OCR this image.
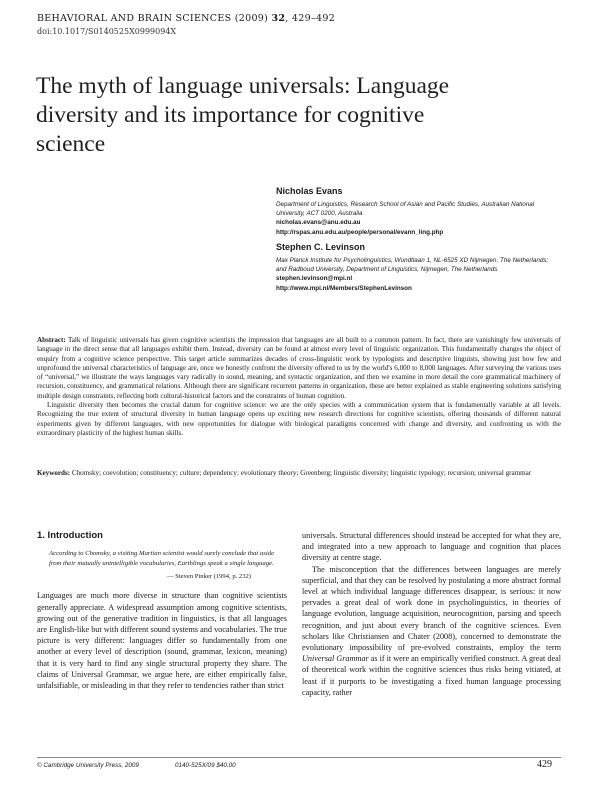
BEHAVIORAL AND BRAIN SCIENCES (2009) 32, 429–492
doi:10.1017/S0140525X0999094X
The myth of language universals: Language diversity and its importance for cognitive science
Nicholas Evans
Department of Linguistics, Research School of Asian and Pacific Studies, Australian National University, ACT 0200, Australia
nicholas.evans@anu.edu.au
http://rspas.anu.edu.au/people/personal/evann_ling.php
Stephen C. Levinson
Max Planck Institute for Psycholinguistics, Wundtlaan 1, NL-6525 XD Nijmegen, The Netherlands; and Radboud University, Department of Linguistics, Nijmegen, The Netherlands
stephen.levinson@mpi.nl
http://www.mpi.nl/Members/StephenLevinson

Abstract: Talk of linguistic universals has given cognitive scientists the impression that languages are all built to a common pattern. In fact, there are vanishingly few universals of language in the direct sense that all languages exhibit them. Instead, diversity can be found at almost every level of linguistic organization. This fundamentally changes the object of enquiry from a cognitive science perspective. This target article summarizes decades of cross-linguistic work by typologists and descriptive linguists, showing just how few and unprofound the universal characteristics of language are, once we honestly confront the diversity offered to us by the world's 6,000 to 8,000 languages. After surveying the various uses of “universal,” we illustrate the ways languages vary radically in sound, meaning, and syntactic organization, and then we examine in more detail the core grammatical machinery of recursion, constituency, and grammatical relations. Although there are significant recurrent patterns in organization, these are better explained as stable engineering solutions satisfying multiple design constraints, reflecting both cultural-historical factors and the constraints of human cognition.

Linguistic diversity then becomes the crucial datum for cognitive science: we are the only species with a communication system that is fundamentally variable at all levels. Recognizing the true extent of structural diversity in human language opens up exciting new research directions for cognitive scientists, offering thousands of different natural experiments given by different languages, with new opportunities for dialogue with biological paradigms concerned with change and diversity, and confronting us with the extraordinary plasticity of the highest human skills.

Keywords: Chomsky; coevolution; constituency; culture; dependency; evolutionary theory; Greenberg; linguistic diversity; linguistic typology; recursion; universal grammar
1. Introduction
According to Chomsky, a visiting Martian scientist would surely conclude that aside from their mutually unintelligible vocabularies, Earthlings speak a single language.
— Steven Pinker (1994, p. 232)

Languages are much more diverse in structure than cognitive scientists generally appreciate. A widespread assumption among cognitive scientists, growing out of the generative tradition in linguistics, is that all languages are English-like but with different sound systems and vocabularies. The true picture is very different: languages differ so fundamentally from one another at every level of description (sound, grammar, lexicon, meaning) that it is very hard to find any single structural property they share. The claims of Universal Grammar, we argue here, are either empirically false, unfalsifiable, or misleading in that they refer to tendencies rather than strict

universals. Structural differences should instead be accepted for what they are, and integrated into a new approach to language and cognition that places diversity at centre stage.

The misconception that the differences between languages are merely superficial, and that they can be resolved by postulating a more abstract formal level at which individual language differences disappear, is serious: it now pervades a great deal of work done in psycholinguistics, in theories of language evolution, language acquisition, neurocognition, parsing and speech recognition, and just about every branch of the cognitive sciences. Even scholars like Christiansen and Chater (2008), concerned to demonstrate the evolutionary impossibility of pre-evolved constraints, employ the term Universal Grammar as if it were an empirically verified construct. A great deal of theoretical work within the cognitive sciences thus risks being vitiated, at least if it purports to be investigating a fixed human language processing capacity, rather

© Cambridge University Press, 2009	0140-525X/09 $40.00	429
